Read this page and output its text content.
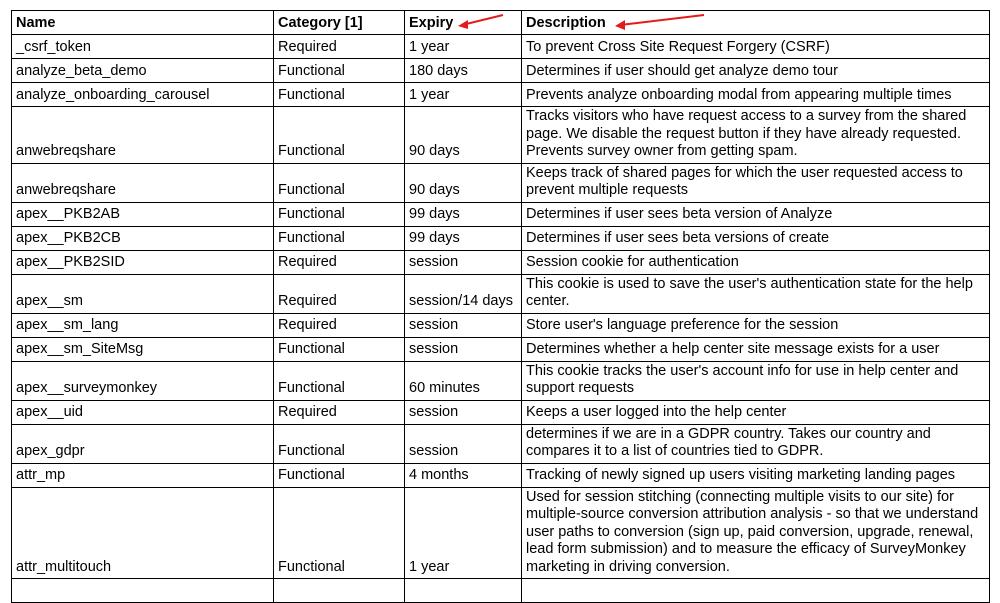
Name	Category [1]	Expiry	Description
_csrf_token	Required	1 year	To prevent Cross Site Request Forgery (CSRF)
analyze_beta_demo	Functional	180 days	Determines if user should get analyze demo tour
analyze_onboarding_carousel	Functional	1 year	Prevents analyze onboarding modal from appearing multiple times
anwebreqshare	Functional	90 days	Tracks visitors who have request access to a survey from the shared page. We disable the request button if they have already requested. Prevents survey owner from getting spam.
anwebreqshare	Functional	90 days	Keeps track of shared pages for which the user requested access to prevent multiple requests
apex__PKB2AB	Functional	99 days	Determines if user sees beta version of Analyze
apex__PKB2CB	Functional	99 days	Determines if user sees beta versions of create
apex__PKB2SID	Required	session	Session cookie for authentication
apex__sm	Required	session/14 days	This cookie is used to save the user's authentication state for the help center.
apex__sm_lang	Required	session	Store user's language preference for the session
apex__sm_SiteMsg	Functional	session	Determines whether a help center site message exists for a user
apex__surveymonkey	Functional	60 minutes	This cookie tracks the user's account info for use in help center and support requests
apex__uid	Required	session	Keeps a user logged into the help center
apex_gdpr	Functional	session	determines if we are in a GDPR country. Takes our country and compares it to a list of countries tied to GDPR.
attr_mp	Functional	4 months	Tracking of newly signed up users visiting marketing landing pages
attr_multitouch	Functional	1 year	Used for session stitching (connecting multiple visits to our site) for multiple-source conversion attribution analysis - so that we understand user paths to conversion (sign up, paid conversion, upgrade, renewal, lead form submission) and to measure the efficacy of SurveyMonkey marketing in driving conversion.
